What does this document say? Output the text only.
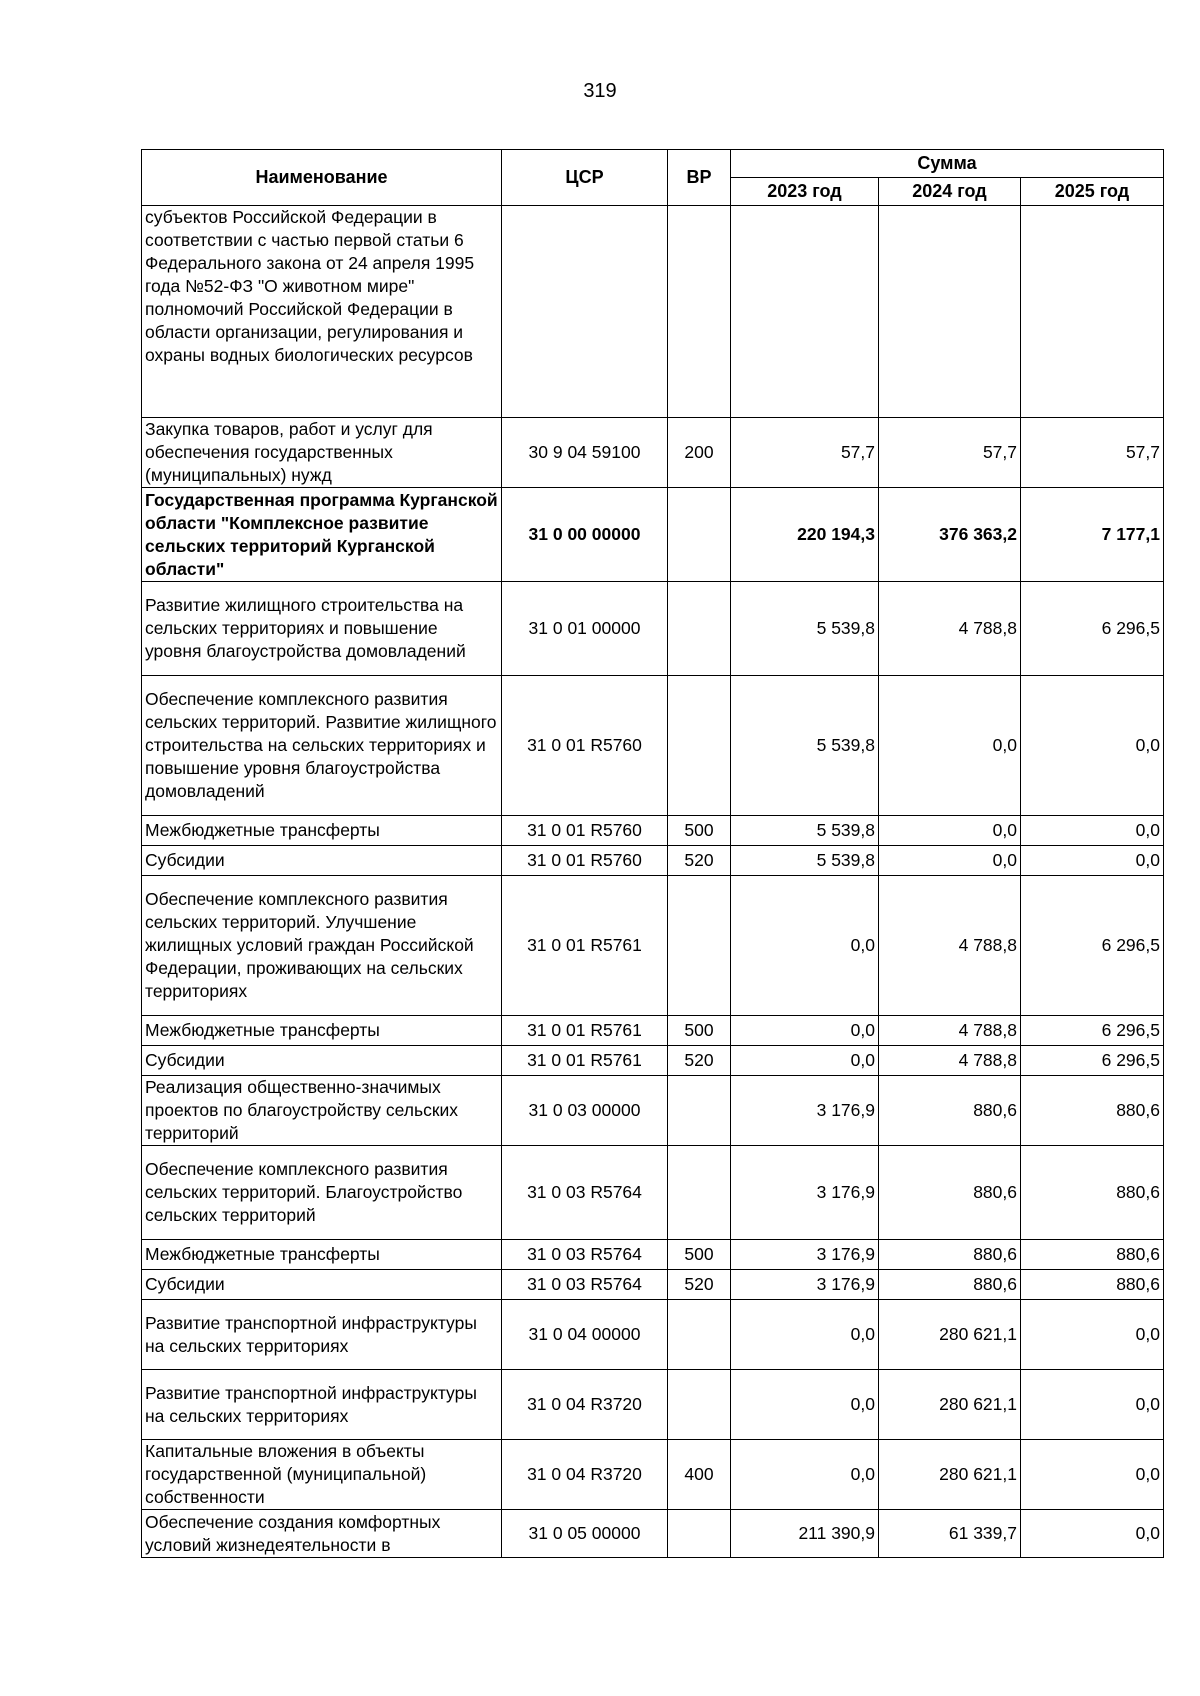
319
Наименование	ЦСР	ВР	Сумма		
			2023 год	2024 год	2025 год
субъектов Российской Федерации в соответствии с частью первой статьи 6 Федерального закона от 24 апреля 1995 года №52-ФЗ "О животном мире" полномочий Российской Федерации в области организации, регулирования и охраны водных биологических ресурсов					
Закупка товаров, работ и услуг для обеспечения государственных (муниципальных) нужд	30 9 04 59100	200	57,7	57,7	57,7
Государственная программа Курганской области "Комплексное развитие сельских территорий Курганской области"	31 0 00 00000		220 194,3	376 363,2	7 177,1
Развитие жилищного строительства на сельских территориях и повышение уровня благоустройства домовладений	31 0 01 00000		5 539,8	4 788,8	6 296,5
Обеспечение комплексного развития сельских территорий. Развитие жилищного строительства на сельских территориях и повышение уровня благоустройства домовладений	31 0 01 R5760		5 539,8	0,0	0,0
Межбюджетные трансферты	31 0 01 R5760	500	5 539,8	0,0	0,0
Субсидии	31 0 01 R5760	520	5 539,8	0,0	0,0
Обеспечение комплексного развития сельских территорий. Улучшение жилищных условий граждан Российской Федерации, проживающих на сельских территориях	31 0 01 R5761		0,0	4 788,8	6 296,5
Межбюджетные трансферты	31 0 01 R5761	500	0,0	4 788,8	6 296,5
Субсидии	31 0 01 R5761	520	0,0	4 788,8	6 296,5
Реализация общественно-значимых проектов по благоустройству сельских территорий	31 0 03 00000		3 176,9	880,6	880,6
Обеспечение комплексного развития сельских территорий. Благоустройство сельских территорий	31 0 03 R5764		3 176,9	880,6	880,6
Межбюджетные трансферты	31 0 03 R5764	500	3 176,9	880,6	880,6
Субсидии	31 0 03 R5764	520	3 176,9	880,6	880,6
Развитие транспортной инфраструктуры на сельских территориях	31 0 04 00000		0,0	280 621,1	0,0
Развитие транспортной инфраструктуры на сельских территориях	31 0 04 R3720		0,0	280 621,1	0,0
Капитальные вложения в объекты государственной (муниципальной) собственности	31 0 04 R3720	400	0,0	280 621,1	0,0
Обеспечение создания комфортных условий жизнедеятельности в	31 0 05 00000		211 390,9	61 339,7	0,0
